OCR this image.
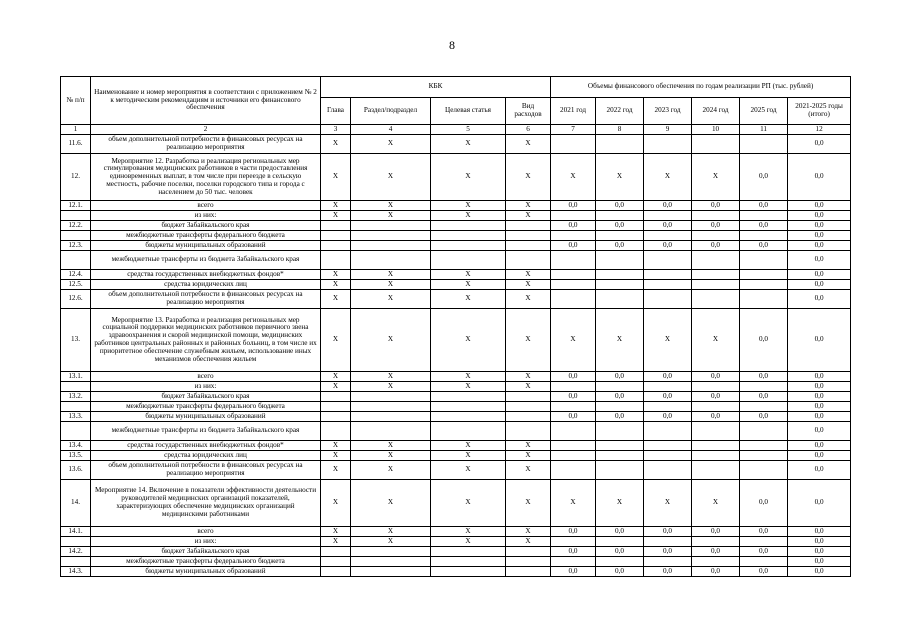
8
№ п/п	Наименование и номер мероприятия в соответствии с приложением № 2 к методическим рекомендациям и источники его финансового обеспечения	КБК				Объемы финансового обеспечения по годам реализации РП (тыс. рублей)					
		Глава	Раздел/подраздел	Целевая статья	Вид расходов	2021 год	2022 год	2023 год	2024 год	2025 год	2021-2025 годы (итого)
1	2	3	4	5	6	7	8	9	10	11	12
11.6.	объем дополнительной потребности в финансовых ресурсах на реализацию мероприятия	X	X	X	X						0,0
12.	Мероприятие 12. Разработка и реализация региональных мер стимулирования медицинских работников в части предоставления единовременных выплат, в том числе при переезде в сельскую местность, рабочие поселки, поселки городского типа и города с населением до 50 тыс. человек	X	X	X	X	X	X	X	X	0,0	0,0
12.1.	всего	X	X	X	X	0,0	0,0	0,0	0,0	0,0	0,0
	из них:	X	X	X	X						0,0
12.2.	бюджет Забайкальского края					0,0	0,0	0,0	0,0	0,0	0,0
	межбюджетные трансферты федерального бюджета										0,0
12.3.	бюджеты муниципальных образований					0,0	0,0	0,0	0,0	0,0	0,0
	межбюджетные трансферты из бюджета Забайкальского края										0,0
12.4.	средства государственных внебюджетных фондов*	X	X	X	X						0,0
12.5.	средства юридических лиц	X	X	X	X						0,0
12.6.	объем дополнительной потребности в финансовых ресурсах на реализацию мероприятия	X	X	X	X						0,0
13.	Мероприятие 13. Разработка и реализация региональных мер социальной поддержки медицинских работников первичного звена здравоохранения и скорой медицинской помощи, медицинских работников центральных районных и районных больниц, в том числе их приоритетное обеспечение служебным жильем, использование иных механизмов обеспечения жильем	X	X	X	X	X	X	X	X	0,0	0,0
13.1.	всего	X	X	X	X	0,0	0,0	0,0	0,0	0,0	0,0
	из них:	X	X	X	X						0,0
13.2.	бюджет Забайкальского края					0,0	0,0	0,0	0,0	0,0	0,0
	межбюджетные трансферты федерального бюджета										0,0
13.3.	бюджеты муниципальных образований					0,0	0,0	0,0	0,0	0,0	0,0
	межбюджетные трансферты из бюджета Забайкальского края										0,0
13.4.	средства государственных внебюджетных фондов*	X	X	X	X						0,0
13.5.	средства юридических лиц	X	X	X	X						0,0
13.6.	объем дополнительной потребности в финансовых ресурсах на реализацию мероприятия	X	X	X	X						0,0
14.	Мероприятие 14. Включение в показатели эффективности деятельности руководителей медицинских организаций показателей, характеризующих обеспечение медицинских организаций медицинскими работниками	X	X	X	X	X	X	X	X	0,0	0,0
14.1.	всего	X	X	X	X	0,0	0,0	0,0	0,0	0,0	0,0
	из них:	X	X	X	X						0,0
14.2.	бюджет Забайкальского края					0,0	0,0	0,0	0,0	0,0	0,0
	межбюджетные трансферты федерального бюджета										0,0
14.3.	бюджеты муниципальных образований					0,0	0,0	0,0	0,0	0,0	0,0
